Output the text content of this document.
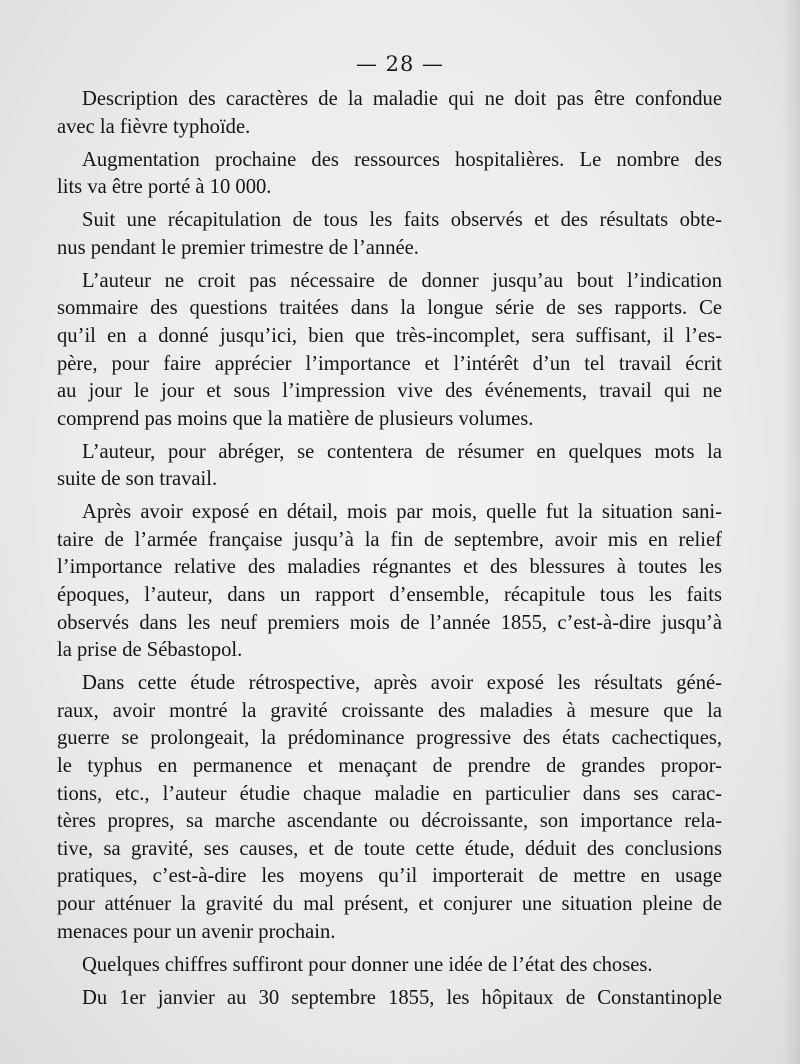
— 28 —

Description des caractères de la maladie qui ne doit pas être confondue
avec la fièvre typhoïde.

Augmentation prochaine des ressources hospitalières. Le nombre des
lits va être porté à 10 000.

Suit une récapitulation de tous les faits observés et des résultats obte-
nus pendant le premier trimestre de l’année.

L’auteur ne croit pas nécessaire de donner jusqu’au bout l’indication
sommaire des questions traitées dans la longue série de ses rapports. Ce
qu’il en a donné jusqu’ici, bien que très-incomplet, sera suffisant, il l’es-
père, pour faire apprécier l’importance et l’intérêt d’un tel travail écrit
au jour le jour et sous l’impression vive des événements, travail qui ne
comprend pas moins que la matière de plusieurs volumes.

L’auteur, pour abréger, se contentera de résumer en quelques mots la
suite de son travail.

Après avoir exposé en détail, mois par mois, quelle fut la situation sani-
taire de l’armée française jusqu’à la fin de septembre, avoir mis en relief
l’importance relative des maladies régnantes et des blessures à toutes les
époques, l’auteur, dans un rapport d’ensemble, récapitule tous les faits
observés dans les neuf premiers mois de l’année 1855, c’est-à-dire jusqu’à
la prise de Sébastopol.

Dans cette étude rétrospective, après avoir exposé les résultats géné-
raux, avoir montré la gravité croissante des maladies à mesure que la
guerre se prolongeait, la prédominance progressive des états cachectiques,
le typhus en permanence et menaçant de prendre de grandes propor-
tions, etc., l’auteur étudie chaque maladie en particulier dans ses carac-
tères propres, sa marche ascendante ou décroissante, son importance rela-
tive, sa gravité, ses causes, et de toute cette étude, déduit des conclusions
pratiques, c’est-à-dire les moyens qu’il importerait de mettre en usage
pour atténuer la gravité du mal présent, et conjurer une situation pleine de
menaces pour un avenir prochain.

Quelques chiffres suffiront pour donner une idée de l’état des choses.

Du 1er janvier au 30 septembre 1855, les hôpitaux de Constantinople
